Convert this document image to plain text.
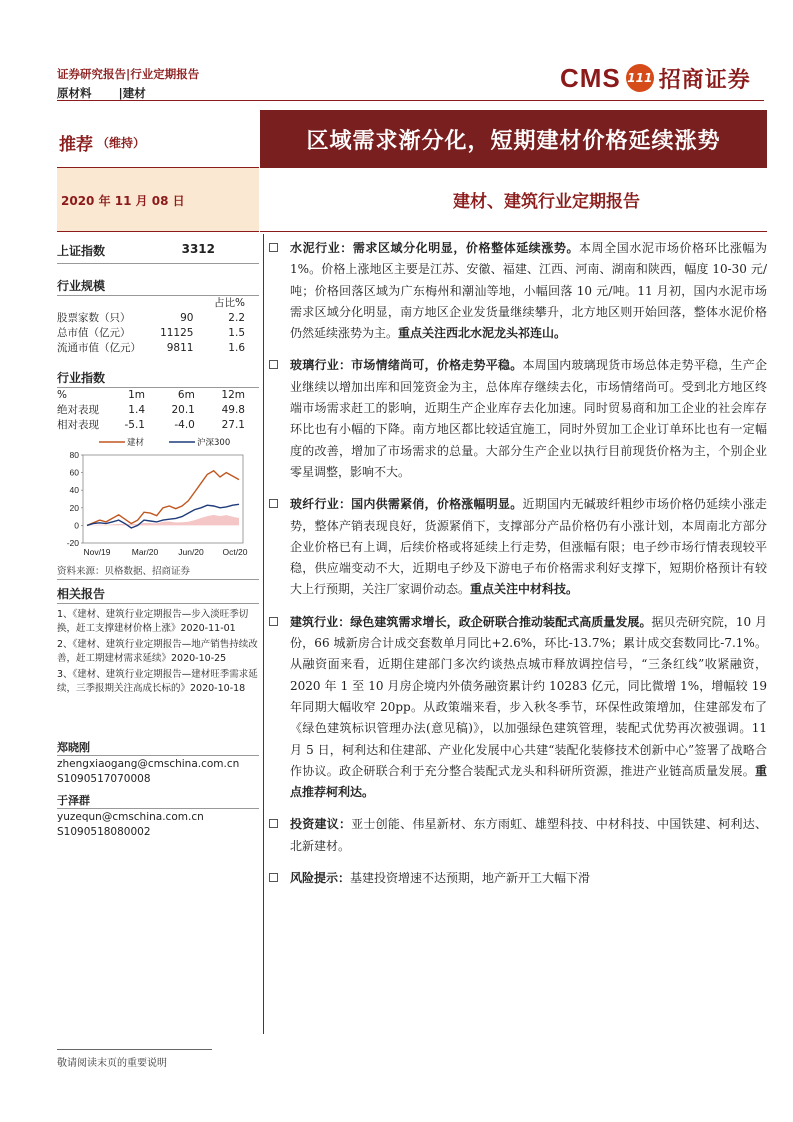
证券研究报告|行业定期报告
原材料 |建材
CMS 111 招商证券
推荐 （维持）	区域需求渐分化，短期建材价格延续涨势
2020 年 11 月 08 日	建材、建筑行业定期报告
上证指数	3312
行业规模
		占比%
股票家数（只）	90	2.2
总市值（亿元）	11125	1.5
流通市值（亿元）	9811	1.6
行业指数
%	1m	6m	12m
绝对表现	1.4	20.1	49.8
相对表现	-5.1	-4.0	27.1
80
60
40
20
0
-20
Nov/19	Mar/20 Jun/20 Oct/20
建材	沪深300
资料来源：贝格数据、招商证券
相关报告
1、《建材、建筑行业定期报告—步入淡旺季切换，赶工支撑建材价格上涨》2020-11-01
2、《建材、建筑行业定期报告—地产销售持续改善，赶工期建材需求延续》2020-10-25
3、《建材、建筑行业定期报告—建材旺季需求延续，三季报期关注高成长标的》2020-10-18
郑晓刚
zhengxiaogang@cmschina.com.cn
S1090517070008
于泽群
yuzequn@cmschina.com.cn
S1090518080002
水泥行业：需求区域分化明显，价格整体延续涨势。本周全国水泥市场价格环比涨幅为 1%。价格上涨地区主要是江苏、安徽、福建、江西、河南、湖南和陕西，幅度 10-30 元/吨；价格回落区域为广东梅州和潮汕等地，小幅回落 10 元/吨。11 月初，国内水泥市场需求区域分化明显，南方地区企业发货量继续攀升，北方地区则开始回落，整体水泥价格仍然延续涨势为主。重点关注西北水泥龙头祁连山。
玻璃行业：市场情绪尚可，价格走势平稳。本周国内玻璃现货市场总体走势平稳，生产企业继续以增加出库和回笼资金为主，总体库存继续去化，市场情绪尚可。受到北方地区终端市场需求赶工的影响，近期生产企业库存去化加速。同时贸易商和加工企业的社会库存环比也有小幅的下降。南方地区都比较适宜施工，同时外贸加工企业订单环比也有一定幅度的改善，增加了市场需求的总量。大部分生产企业以执行目前现货价格为主，个别企业零星调整，影响不大。
玻纤行业：国内供需紧俏，价格涨幅明显。近期国内无碱玻纤粗纱市场价格仍延续小涨走势，整体产销表现良好，货源紧俏下，支撑部分产品价格仍有小涨计划，本周南北方部分企业价格已有上调，后续价格或将延续上行走势，但涨幅有限；电子纱市场行情表现较平稳，供应端变动不大，近期电子纱及下游电子布价格需求利好支撑下，短期价格预计有较大上行预期，关注厂家调价动态。重点关注中材科技。
建筑行业：绿色建筑需求增长，政企研联合推动装配式高质量发展。据贝壳研究院，10 月份，66 城新房合计成交套数单月同比+2.6%，环比-13.7%；累计成交套数同比-7.1%。从融资面来看，近期住建部门多次约谈热点城市释放调控信号，“三条红线”收紧融资，2020 年 1 至 10 月房企境内外债务融资累计约 10283 亿元，同比微增 1%，增幅较 19 年同期大幅收窄 20pp。从政策端来看，步入秋冬季节，环保性政策增加，住建部发布了《绿色建筑标识管理办法(意见稿)》，以加强绿色建筑管理，装配式优势再次被强调。11 月 5 日，柯利达和住建部、产业化发展中心共建“装配化装修技术创新中心”签署了战略合作协议。政企研联合利于充分整合装配式龙头和科研所资源，推进产业链高质量发展。重点推荐柯利达。
投资建议：亚士创能、伟星新材、东方雨虹、雄塑科技、中材科技、中国铁建、柯利达、北新建材。
风险提示：基建投资增速不达预期，地产新开工大幅下滑
敬请阅读末页的重要说明
